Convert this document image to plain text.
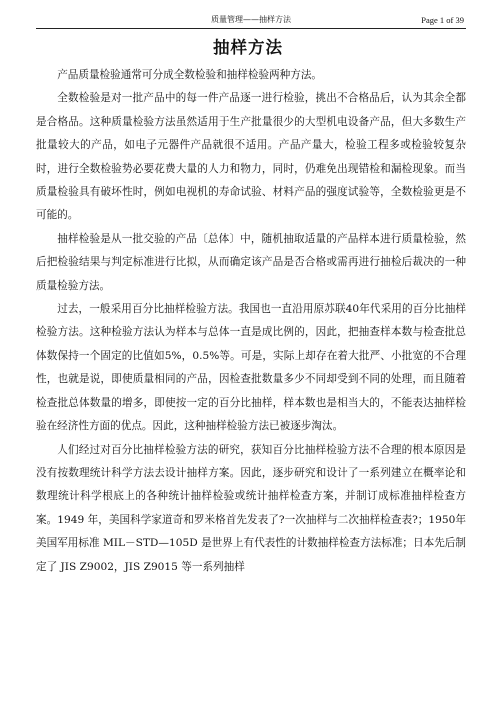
质量管理——抽样方法	Page 1 of 39
抽样方法

产品质量检验通常可分成全数检验和抽样检验两种方法。

全数检验是对一批产品中的每一件产品逐一进行检验，挑出不合格品后，认为其余全都是合格品。这种质量检验方法虽然适用于生产批量很少的大型机电设备产品，但大多数生产批量较大的产品，如电子元器件产品就很不适用。产品产量大，检验工程多或检验较复杂时，进行全数检验势必要花费大量的人力和物力，同时，仍难免出现错检和漏检现象。而当质量检验具有破坏性时，例如电视机的寿命试验、材料产品的强度试验等，全数检验更是不可能的。

抽样检验是从一批交验的产品〔总体〕中，随机抽取适量的产品样本进行质量检验，然后把检验结果与判定标准进行比拟，从而确定该产品是否合格或需再进行抽检后裁决的一种质量检验方法。

过去，一般采用百分比抽样检验方法。我国也一直沿用原苏联40年代采用的百分比抽样检验方法。这种检验方法认为样本与总体一直是成比例的，因此，把抽查样本数与检查批总体数保持一个固定的比值如5%，0.5%等。可是，实际上却存在着大批严、小批宽的不合理性，也就是说，即使质量相同的产品，因检查批数量多少不同却受到不同的处理，而且随着检查批总体数量的增多，即使按一定的百分比抽样，样本数也是相当大的，不能表达抽样检验在经济性方面的优点。因此，这种抽样检验方法已被逐步淘汰。

人们经过对百分比抽样检验方法的研究，获知百分比抽样检验方法不合理的根本原因是没有按数理统计科学方法去设计抽样方案。因此，逐步研究和设计了一系列建立在概率论和数理统计科学根底上的各种统计抽样检验或统计抽样检查方案，并制订成标准抽样检查方案。1949 年，美国科学家道奇和罗米格首先发表了?一次抽样与二次抽样检查表?；1950年美国军用标准 MIL－STD—105D 是世界上有代表性的计数抽样检查方法标准；日本先后制定了 JIS Z9002，JIS Z9015 等一系列抽样
